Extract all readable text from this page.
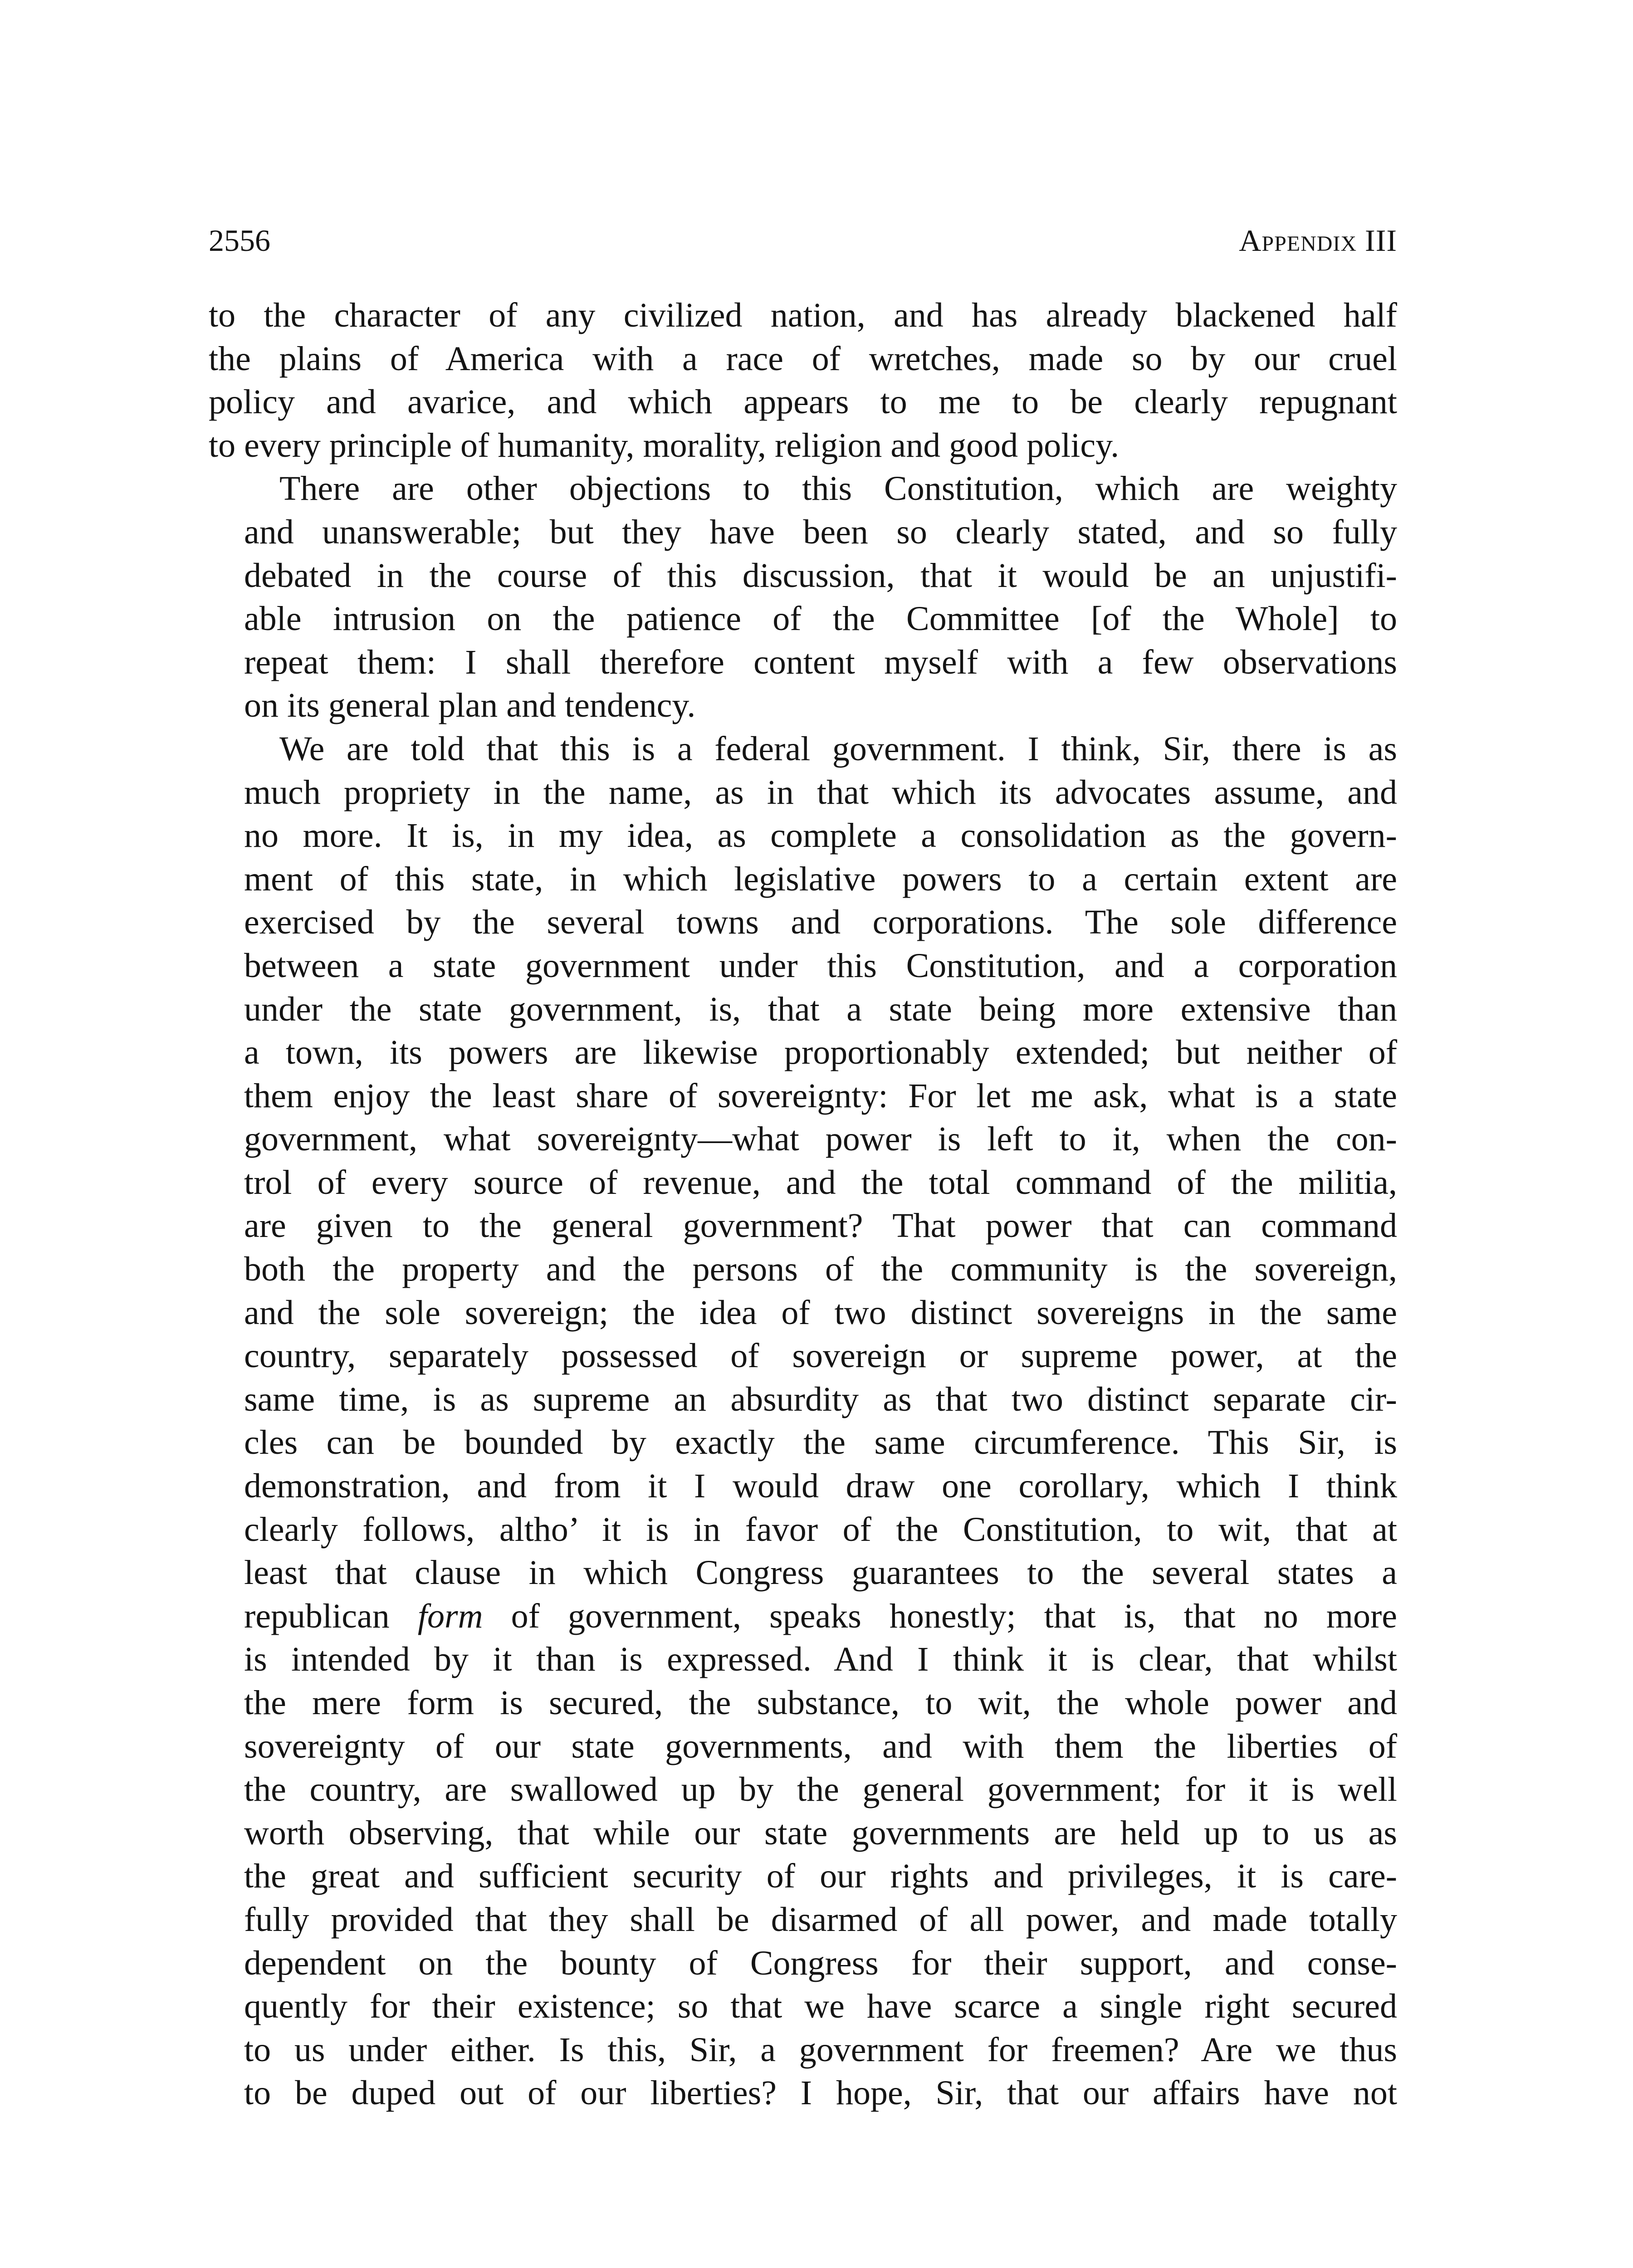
2556	Appendix III

to the character of any civilized nation, and has already blackened half
the plains of America with a race of wretches, made so by our cruel
policy and avarice, and which appears to me to be clearly repugnant
to every principle of humanity, morality, religion and good policy.

There are other objections to this Constitution, which are weighty
and unanswerable; but they have been so clearly stated, and so fully
debated in the course of this discussion, that it would be an unjustifi-
able intrusion on the patience of the Committee [of the Whole] to
repeat them: I shall therefore content myself with a few observations
on its general plan and tendency.

We are told that this is a federal government. I think, Sir, there is as
much propriety in the name, as in that which its advocates assume, and
no more. It is, in my idea, as complete a consolidation as the govern-
ment of this state, in which legislative powers to a certain extent are
exercised by the several towns and corporations. The sole difference
between a state government under this Constitution, and a corporation
under the state government, is, that a state being more extensive than
a town, its powers are likewise proportionably extended; but neither of
them enjoy the least share of sovereignty: For let me ask, what is a state
government, what sovereignty—what power is left to it, when the con-
trol of every source of revenue, and the total command of the militia,
are given to the general government? That power that can command
both the property and the persons of the community is the sovereign,
and the sole sovereign; the idea of two distinct sovereigns in the same
country, separately possessed of sovereign or supreme power, at the
same time, is as supreme an absurdity as that two distinct separate cir-
cles can be bounded by exactly the same circumference. This Sir, is
demonstration, and from it I would draw one corollary, which I think
clearly follows, altho’ it is in favor of the Constitution, to wit, that at
least that clause in which Congress guarantees to the several states a
republican form of government, speaks honestly; that is, that no more
is intended by it than is expressed. And I think it is clear, that whilst
the mere form is secured, the substance, to wit, the whole power and
sovereignty of our state governments, and with them the liberties of
the country, are swallowed up by the general government; for it is well
worth observing, that while our state governments are held up to us as
the great and sufficient security of our rights and privileges, it is care-
fully provided that they shall be disarmed of all power, and made totally
dependent on the bounty of Congress for their support, and conse-
quently for their existence; so that we have scarce a single right secured
to us under either. Is this, Sir, a government for freemen? Are we thus
to be duped out of our liberties? I hope, Sir, that our affairs have not
